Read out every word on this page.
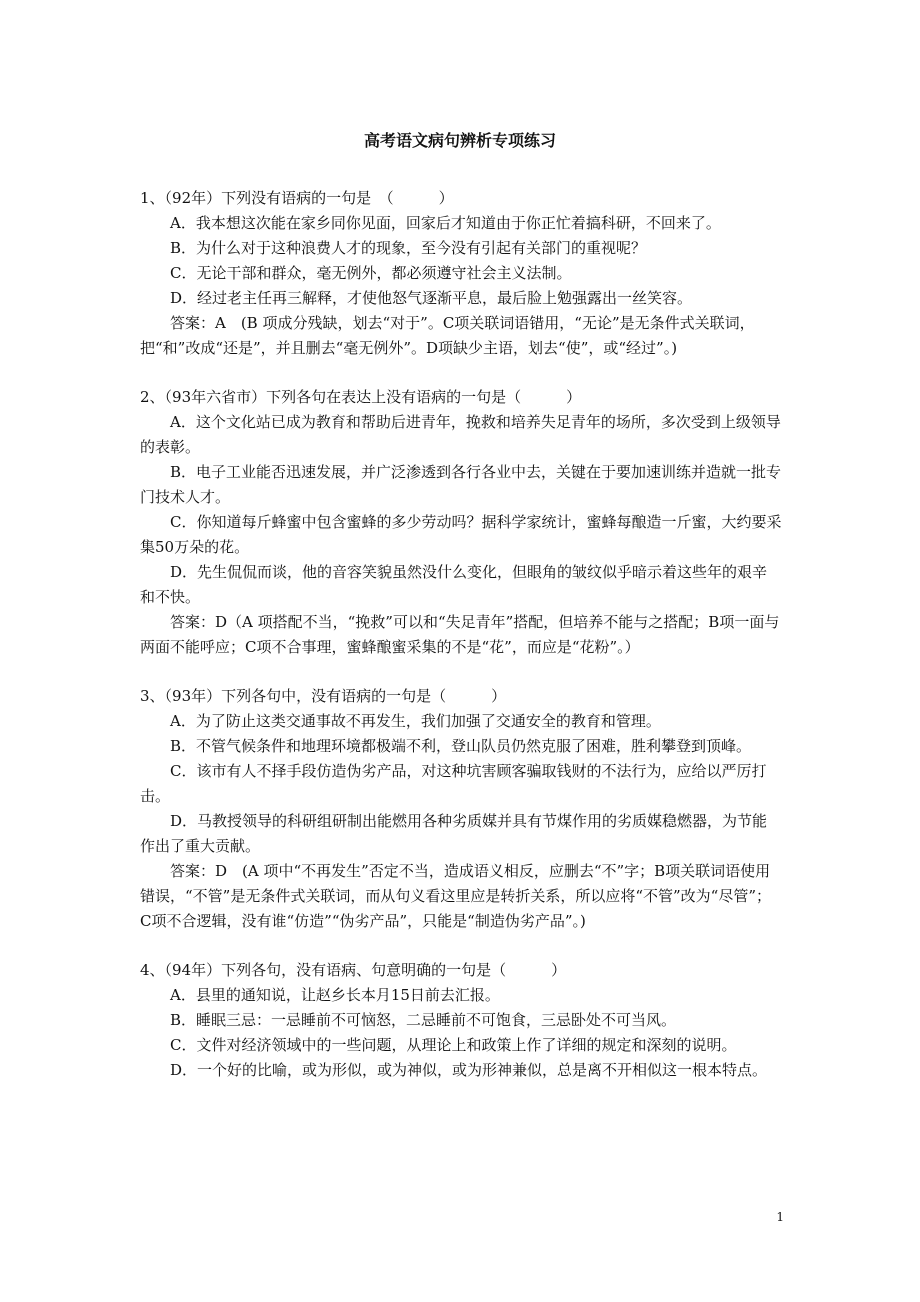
高考语文病句辨析专项练习

1、（92年）下列没有语病的一句是　（　　　）

A．我本想这次能在家乡同你见面，回家后才知道由于你正忙着搞科研，不回来了。

B．为什么对于这种浪费人才的现象，至今没有引起有关部门的重视呢？

C．无论干部和群众，毫无例外，都必须遵守社会主义法制。

D．经过老主任再三解释，才使他怒气逐渐平息，最后脸上勉强露出一丝笑容。

答案：A　(B 项成分残缺，划去“对于”。C项关联词语错用，“无论”是无条件式关联词，把“和”改成“还是”，并且删去“毫无例外”。D项缺少主语，划去“使”，或“经过”。)

2、（93年六省市）下列各句在表达上没有语病的一句是（　　　）

A．这个文化站已成为教育和帮助后进青年，挽救和培养失足青年的场所，多次受到上级领导的表彰。

B．电子工业能否迅速发展，并广泛渗透到各行各业中去，关键在于要加速训练并造就一批专门技术人才。

C．你知道每斤蜂蜜中包含蜜蜂的多少劳动吗？据科学家统计，蜜蜂每酿造一斤蜜，大约要采集50万朵的花。

D．先生侃侃而谈，他的音容笑貌虽然没什么变化，但眼角的皱纹似乎暗示着这些年的艰辛和不快。

答案：D（A 项搭配不当，“挽救”可以和“失足青年”搭配，但培养不能与之搭配；B项一面与两面不能呼应；C项不合事理，蜜蜂酿蜜采集的不是“花”，而应是“花粉”。）

3、（93年）下列各句中，没有语病的一句是（　　　）

A．为了防止这类交通事故不再发生，我们加强了交通安全的教育和管理。

B．不管气候条件和地理环境都极端不利，登山队员仍然克服了困难，胜利攀登到顶峰。

C．该市有人不择手段仿造伪劣产品，对这种坑害顾客骗取钱财的不法行为，应给以严厉打击。

D．马教授领导的科研组研制出能燃用各种劣质媒并具有节煤作用的劣质媒稳燃器，为节能作出了重大贡献。

答案：D　(A 项中“不再发生”否定不当，造成语义相反，应删去“不”字；B项关联词语使用错误，“不管”是无条件式关联词，而从句义看这里应是转折关系，所以应将“不管”改为“尽管”；C项不合逻辑，没有谁“仿造”“伪劣产品”，只能是“制造伪劣产品”。)

4、（94年）下列各句，没有语病、句意明确的一句是（　　　）

A．县里的通知说，让赵乡长本月15日前去汇报。

B．睡眠三忌：一忌睡前不可恼怒，二忌睡前不可饱食，三忌卧处不可当风。

C．文件对经济领域中的一些问题，从理论上和政策上作了详细的规定和深刻的说明。

D．一个好的比喻，或为形似，或为神似，或为形神兼似，总是离不开相似这一根本特点。

1
